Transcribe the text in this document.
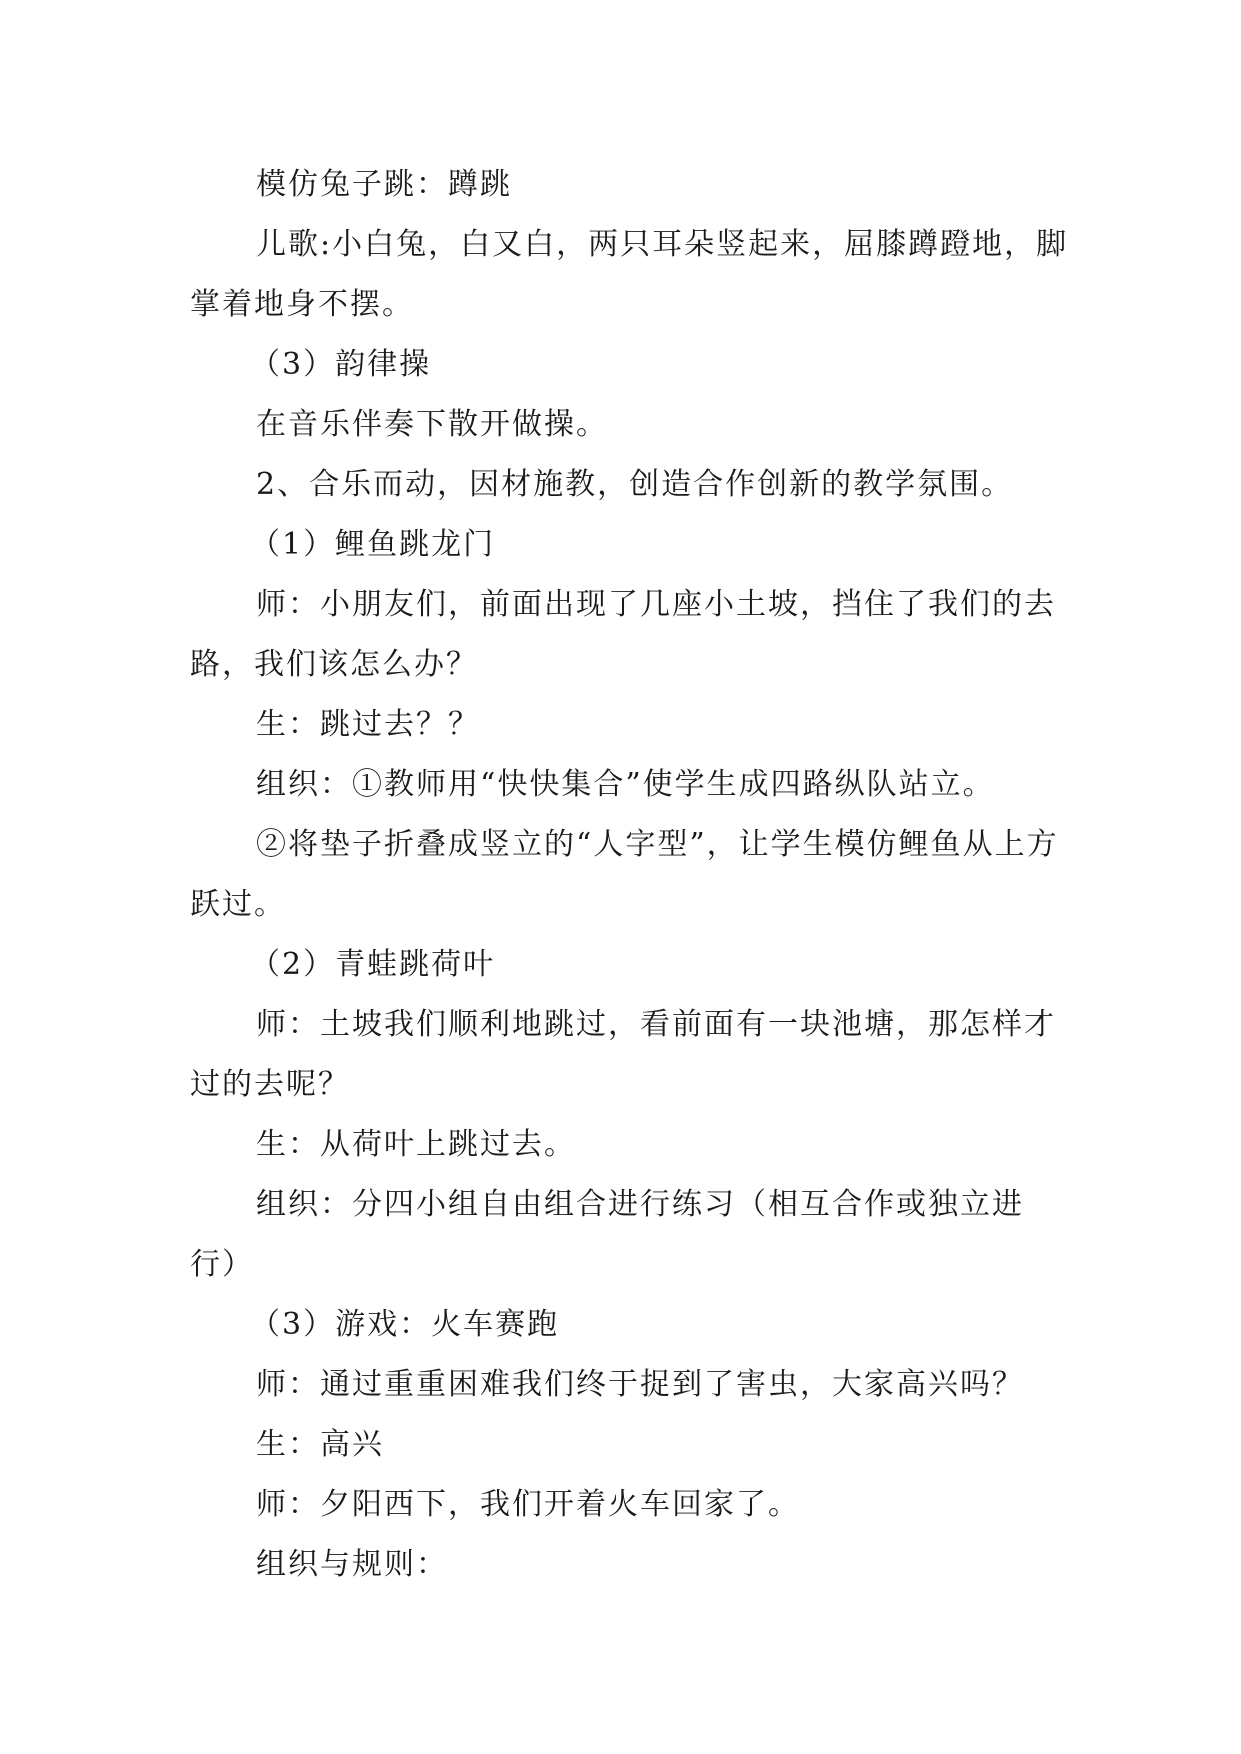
模仿兔子跳：蹲跳

儿歌:小白兔，白又白，两只耳朵竖起来，屈膝蹲蹬地，脚掌着地身不摆。

（3）韵律操

在音乐伴奏下散开做操。

2、合乐而动，因材施教，创造合作创新的教学氛围。

（1）鲤鱼跳龙门

师：小朋友们，前面出现了几座小土坡，挡住了我们的去路，我们该怎么办？

生：跳过去？？

组织：①教师用“快快集合”使学生成四路纵队站立。

②将垫子折叠成竖立的“人字型”，让学生模仿鲤鱼从上方跃过。

（2）青蛙跳荷叶

师：土坡我们顺利地跳过，看前面有一块池塘，那怎样才过的去呢？

生：从荷叶上跳过去。

组织：分四小组自由组合进行练习（相互合作或独立进行）

（3）游戏：火车赛跑

师：通过重重困难我们终于捉到了害虫，大家高兴吗？

生：高兴

师：夕阳西下，我们开着火车回家了。

组织与规则：
